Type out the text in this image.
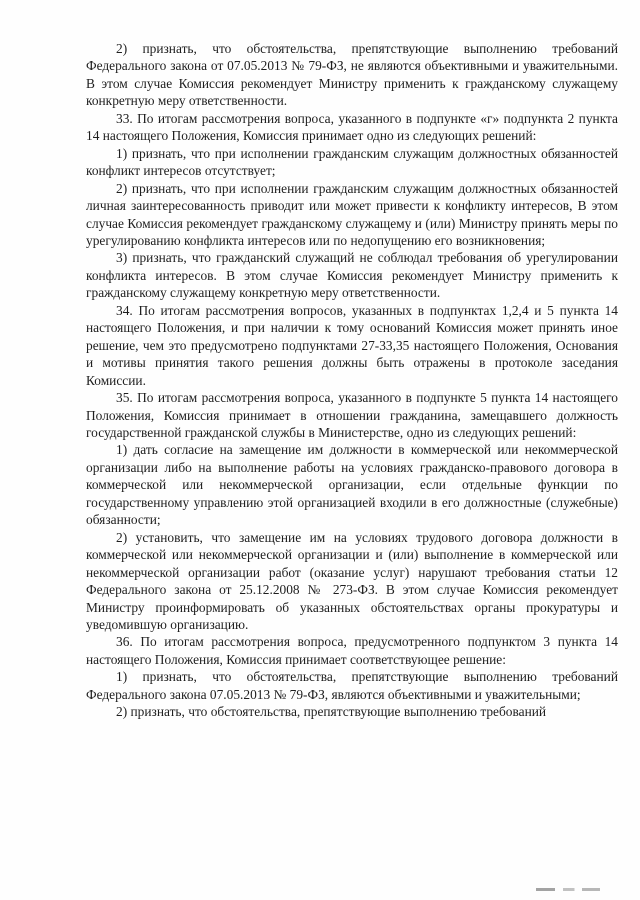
2) признать, что обстоятельства, препятствующие выполнению требований Федерального закона от 07.05.2013 № 79-ФЗ, не являются объективными и уважительными. В этом случае Комиссия рекомендует Министру применить к гражданскому служащему конкретную меру ответственности.

33. По итогам рассмотрения вопроса, указанного в подпункте «г» подпункта 2 пункта 14 настоящего Положения, Комиссия принимает одно из следующих решений:

1) признать, что при исполнении гражданским служащим должностных обязанностей конфликт интересов отсутствует;

2) признать, что при исполнении гражданским служащим должностных обязанностей личная заинтересованность приводит или может привести к конфликту интересов, В этом случае Комиссия рекомендует гражданскому служащему и (или) Министру принять меры по урегулированию конфликта интересов или по недопущению его возникновения;

3) признать, что гражданский служащий не соблюдал требования об урегулировании конфликта интересов. В этом случае Комиссия рекомендует Министру применить к гражданскому служащему конкретную меру ответственности.

34. По итогам рассмотрения вопросов, указанных в подпунктах 1,2,4 и 5 пункта 14 настоящего Положения, и при наличии к тому оснований Комиссия может принять иное решение, чем это предусмотрено подпунктами 27-33,35 настоящего Положения, Основания и мотивы принятия такого решения должны быть отражены в протоколе заседания Комиссии.

35. По итогам рассмотрения вопроса, указанного в подпункте 5 пункта 14 настоящего Положения, Комиссия принимает в отношении гражданина, замещавшего должность государственной гражданской службы в Министерстве, одно из следующих решений:

1) дать согласие на замещение им должности в коммерческой или некоммерческой организации либо на выполнение работы на условиях гражданско-правового договора в коммерческой или некоммерческой организации, если отдельные функции по государственному управлению этой организацией входили в его должностные (служебные) обязанности;

2) установить, что замещение им на условиях трудового договора должности в коммерческой или некоммерческой организации и (или) выполнение в коммерческой или некоммерческой организации работ (оказание услуг) нарушают требования статьи 12 Федерального закона от 25.12.2008 № 273-ФЗ. В этом случае Комиссия рекомендует Министру проинформировать об указанных обстоятельствах органы прокуратуры и уведомившую организацию.

36. По итогам рассмотрения вопроса, предусмотренного подпунктом 3 пункта 14 настоящего Положения, Комиссия принимает соответствующее решение:

1) признать, что обстоятельства, препятствующие выполнению требований Федерального закона 07.05.2013 № 79-ФЗ, являются объективными и уважительными;

2) признать, что обстоятельства, препятствующие выполнению требований
